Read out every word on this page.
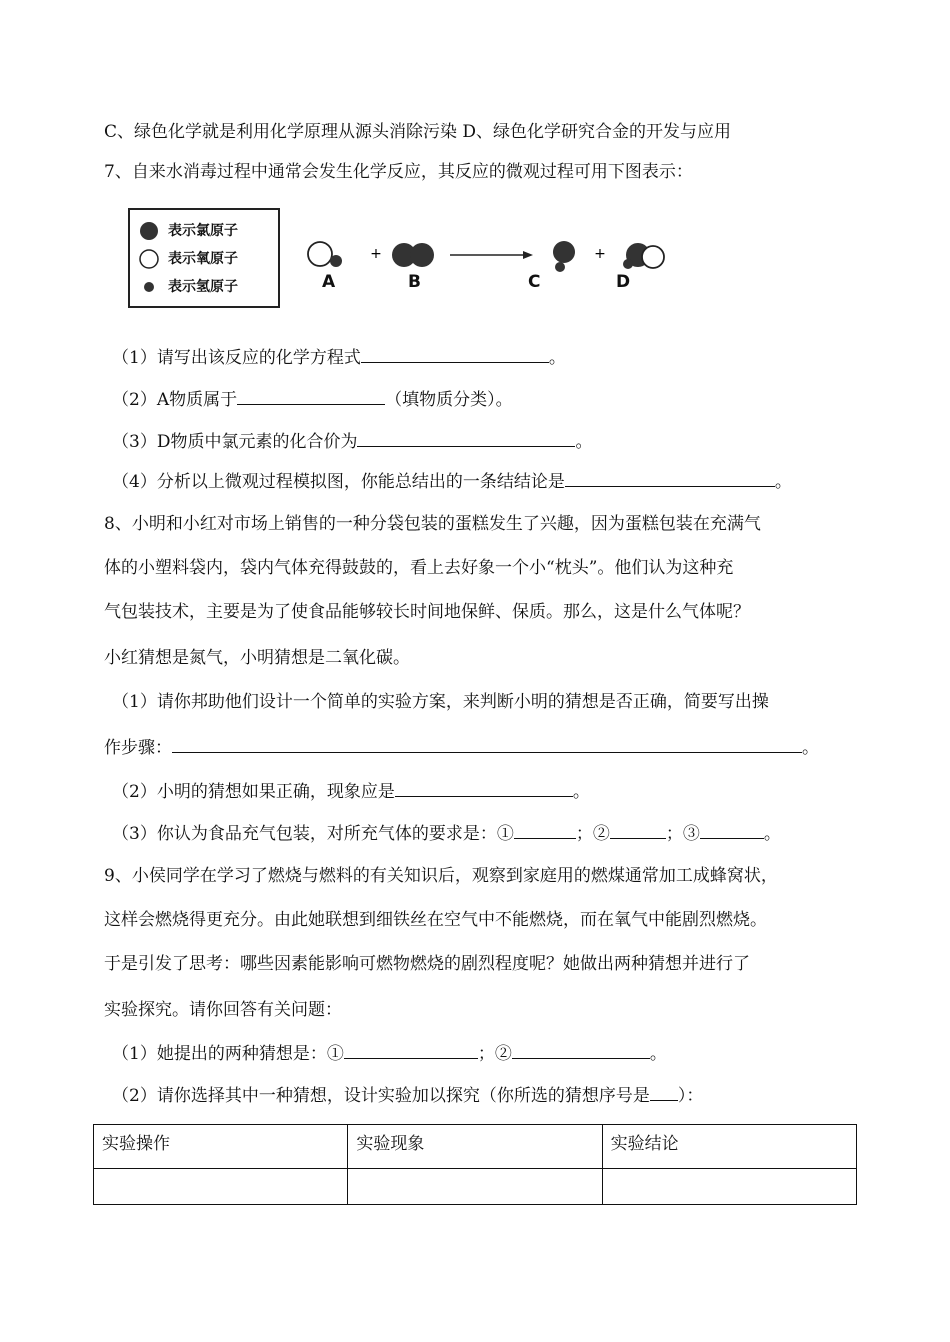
C、绿色化学就是利用化学原理从源头消除污染 D、绿色化学研究合金的开发与应用
7、自来水消毒过程中通常会发生化学反应，其反应的微观过程可用下图表示：
表示氯原子
表示氧原子
表示氢原子
+	+
A	B	C	D
（1）请写出该反应的化学方程式	。
（2）A物质属于	（填物质分类）。
（3）D物质中氯元素的化合价为	。
（4）分析以上微观过程模拟图，你能总结出的一条结结论是	。
8、小明和小红对市场上销售的一种分袋包装的蛋糕发生了兴趣，因为蛋糕包装在充满气
体的小塑料袋内，袋内气体充得鼓鼓的，看上去好象一个小“枕头”。他们认为这种充
气包装技术，主要是为了使食品能够较长时间地保鲜、保质。那么，这是什么气体呢？
小红猜想是氮气，小明猜想是二氧化碳。
（1）请你邦助他们设计一个简单的实验方案，来判断小明的猜想是否正确，简要写出操
作步骤：	。
（2）小明的猜想如果正确，现象应是	。
（3）你认为食品充气包装，对所充气体的要求是：①	；②	；③	。
9、小侯同学在学习了燃烧与燃料的有关知识后，观察到家庭用的燃煤通常加工成蜂窝状，
这样会燃烧得更充分。由此她联想到细铁丝在空气中不能燃烧，而在氧气中能剧烈燃烧。
于是引发了思考：哪些因素能影响可燃物燃烧的剧烈程度呢？她做出两种猜想并进行了
实验探究。请你回答有关问题：
（1）她提出的两种猜想是：①	；②	。
（2）请你选择其中一种猜想，设计实验加以探究（你所选的猜想序号是 ）：
实验操作	实验现象	实验结论
